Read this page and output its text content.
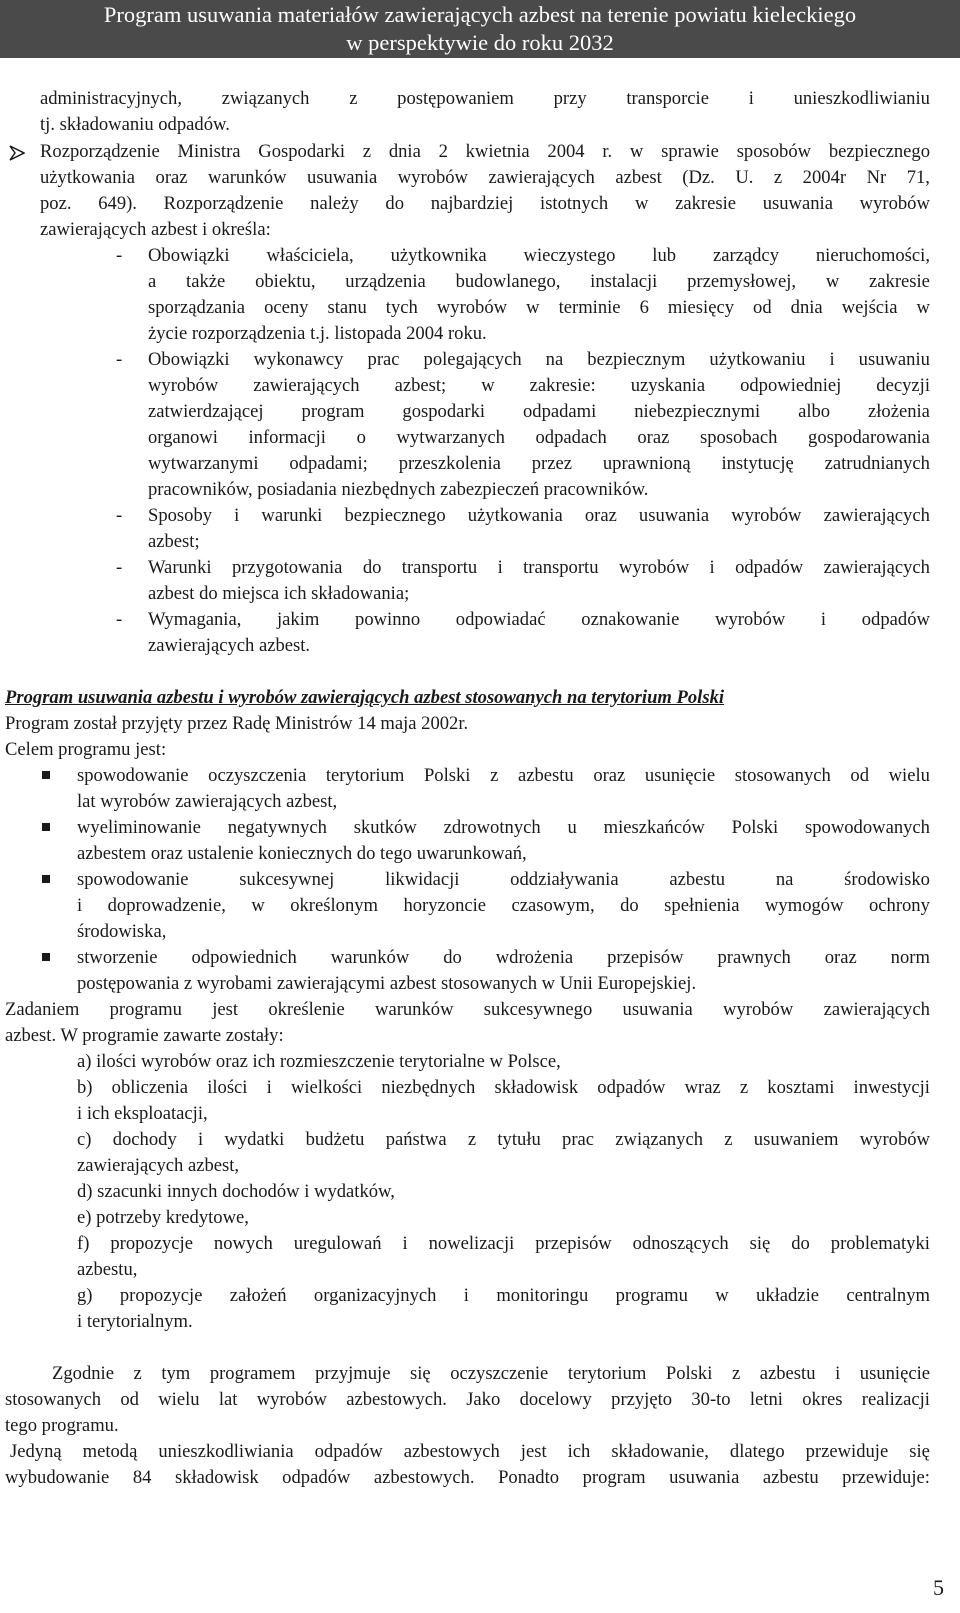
Program usuwania materiałów zawierających azbest na terenie powiatu kieleckiego
w perspektywie do roku 2032
administracyjnych, związanych z postępowaniem przy transporcie i unieszkodliwianiu
tj. składowaniu odpadów.
Rozporządzenie Ministra Gospodarki z dnia 2 kwietnia 2004 r. w sprawie sposobów bezpiecznego
użytkowania oraz warunków usuwania wyrobów zawierających azbest (Dz. U. z 2004r Nr 71,
poz. 649). Rozporządzenie należy do najbardziej istotnych w zakresie usuwania wyrobów
zawierających azbest i określa:
Obowiązki właściciela, użytkownika wieczystego lub zarządcy nieruchomości,
a także obiektu, urządzenia budowlanego, instalacji przemysłowej, w zakresie
sporządzania oceny stanu tych wyrobów w terminie 6 miesięcy od dnia wejścia w
życie rozporządzenia t.j. listopada 2004 roku.
Obowiązki wykonawcy prac polegających na bezpiecznym użytkowaniu i usuwaniu
wyrobów zawierających azbest; w zakresie: uzyskania odpowiedniej decyzji
zatwierdzającej program gospodarki odpadami niebezpiecznymi albo złożenia
organowi informacji o wytwarzanych odpadach oraz sposobach gospodarowania
wytwarzanymi odpadami; przeszkolenia przez uprawnioną instytucję zatrudnianych
pracowników, posiadania niezbędnych zabezpieczeń pracowników.
Sposoby i warunki bezpiecznego użytkowania oraz usuwania wyrobów zawierających
azbest;
Warunki przygotowania do transportu i transportu wyrobów i odpadów zawierających
azbest do miejsca ich składowania;
Wymagania, jakim powinno odpowiadać oznakowanie wyrobów i odpadów
zawierających azbest.
Program usuwania azbestu i wyrobów zawierających azbest stosowanych na terytorium Polski
Program został przyjęty przez Radę Ministrów 14 maja 2002r.
Celem programu jest:
spowodowanie oczyszczenia terytorium Polski z azbestu oraz usunięcie stosowanych od wielu
lat wyrobów zawierających azbest,
wyeliminowanie negatywnych skutków zdrowotnych u mieszkańców Polski spowodowanych
azbestem oraz ustalenie koniecznych do tego uwarunkowań,
spowodowanie	sukcesywnej	likwidacji	oddziaływania	azbestu	na	środowisko
i doprowadzenie, w określonym horyzoncie czasowym, do spełnienia wymogów ochrony
środowiska,
stworzenie odpowiednich warunków do wdrożenia przepisów prawnych oraz norm
postępowania z wyrobami zawierającymi azbest stosowanych w Unii Europejskiej.
Zadaniem programu jest określenie warunków sukcesywnego usuwania wyrobów zawierających
azbest. W programie zawarte zostały:
a) ilości wyrobów oraz ich rozmieszczenie terytorialne w Polsce,
b) obliczenia ilości i wielkości niezbędnych składowisk odpadów wraz z kosztami inwestycji
i ich eksploatacji,
c) dochody i wydatki budżetu państwa z tytułu prac związanych z usuwaniem wyrobów
zawierających azbest,
d) szacunki innych dochodów i wydatków,
e) potrzeby kredytowe,
f) propozycje nowych uregulowań i nowelizacji przepisów odnoszących się do problematyki
azbestu,
g) propozycje założeń organizacyjnych i monitoringu programu w układzie centralnym
i terytorialnym.
Zgodnie z tym programem przyjmuje się oczyszczenie terytorium Polski z azbestu i usunięcie
stosowanych od wielu lat wyrobów azbestowych. Jako docelowy przyjęto 30-to letni okres realizacji
tego programu.
Jedyną metodą unieszkodliwiania odpadów azbestowych jest ich składowanie, dlatego przewiduje się
wybudowanie 84 składowisk odpadów azbestowych. Ponadto program usuwania azbestu przewiduje:
-
-
-
-
-
5
